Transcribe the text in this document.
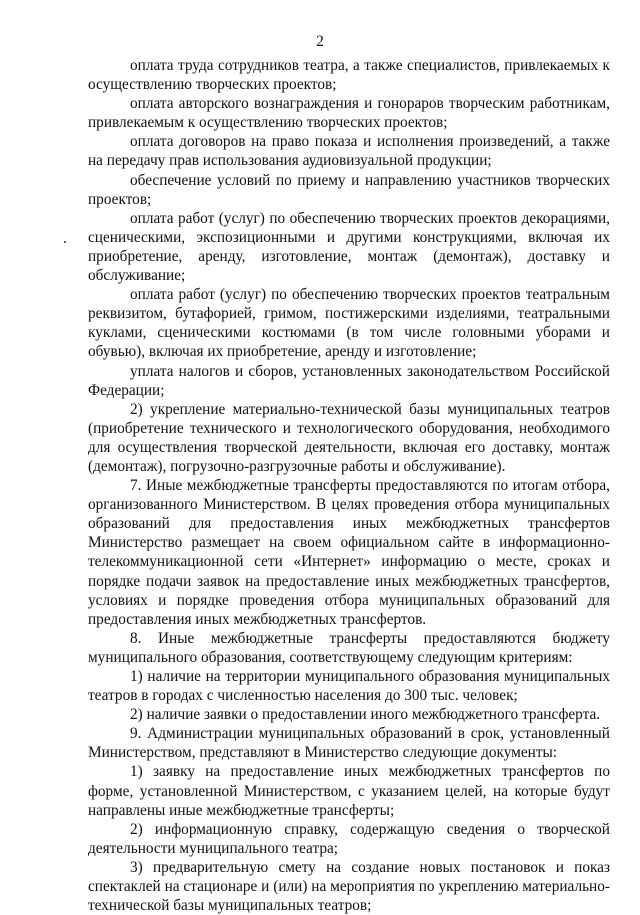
2

оплата труда сотрудников театра, а также специалистов, привлекаемых к осуществлению творческих проектов;

оплата авторского вознаграждения и гонораров творческим работникам, привлекаемым к осуществлению творческих проектов;

оплата договоров на право показа и исполнения произведений, а также на передачу прав использования аудиовизуальной продукции;

обеспечение условий по приему и направлению участников творческих проектов;

оплата работ (услуг) по обеспечению творческих проектов декорациями, сценическими, экспозиционными и другими конструкциями, включая их приобретение, аренду, изготовление, монтаж (демонтаж), доставку и обслуживание;

оплата работ (услуг) по обеспечению творческих проектов театральным реквизитом, бутафорией, гримом, постижерскими изделиями, театральными куклами, сценическими костюмами (в том числе головными уборами и обувью), включая их приобретение, аренду и изготовление;

уплата налогов и сборов, установленных законодательством Российской Федерации;

2) укрепление материально-технической базы муниципальных театров (приобретение технического и технологического оборудования, необходимого для осуществления творческой деятельности, включая его доставку, монтаж (демонтаж), погрузочно-разгрузочные работы и обслуживание).

7. Иные межбюджетные трансферты предоставляются по итогам отбора, организованного Министерством. В целях проведения отбора муниципальных образований для предоставления иных межбюджетных трансфертов Министерство размещает на своем официальном сайте в информационно-телекоммуникационной сети «Интернет» информацию о месте, сроках и порядке подачи заявок на предоставление иных межбюджетных трансфертов, условиях и порядке проведения отбора муниципальных образований для предоставления иных межбюджетных трансфертов.

8. Иные межбюджетные трансферты предоставляются бюджету муниципального образования, соответствующему следующим критериям:

1) наличие на территории муниципального образования муниципальных театров в городах с численностью населения до 300 тыс. человек;

2) наличие заявки о предоставлении иного межбюджетного трансферта.

9. Администрации муниципальных образований в срок, установленный Министерством, представляют в Министерство следующие документы:

1) заявку на предоставление иных межбюджетных трансфертов по форме, установленной Министерством, с указанием целей, на которые будут направлены иные межбюджетные трансферты;

2) информационную справку, содержащую сведения о творческой деятельности муниципального театра;

3) предварительную смету на создание новых постановок и показ спектаклей на стационаре и (или) на мероприятия по укреплению материально-технической базы муниципальных театров;
